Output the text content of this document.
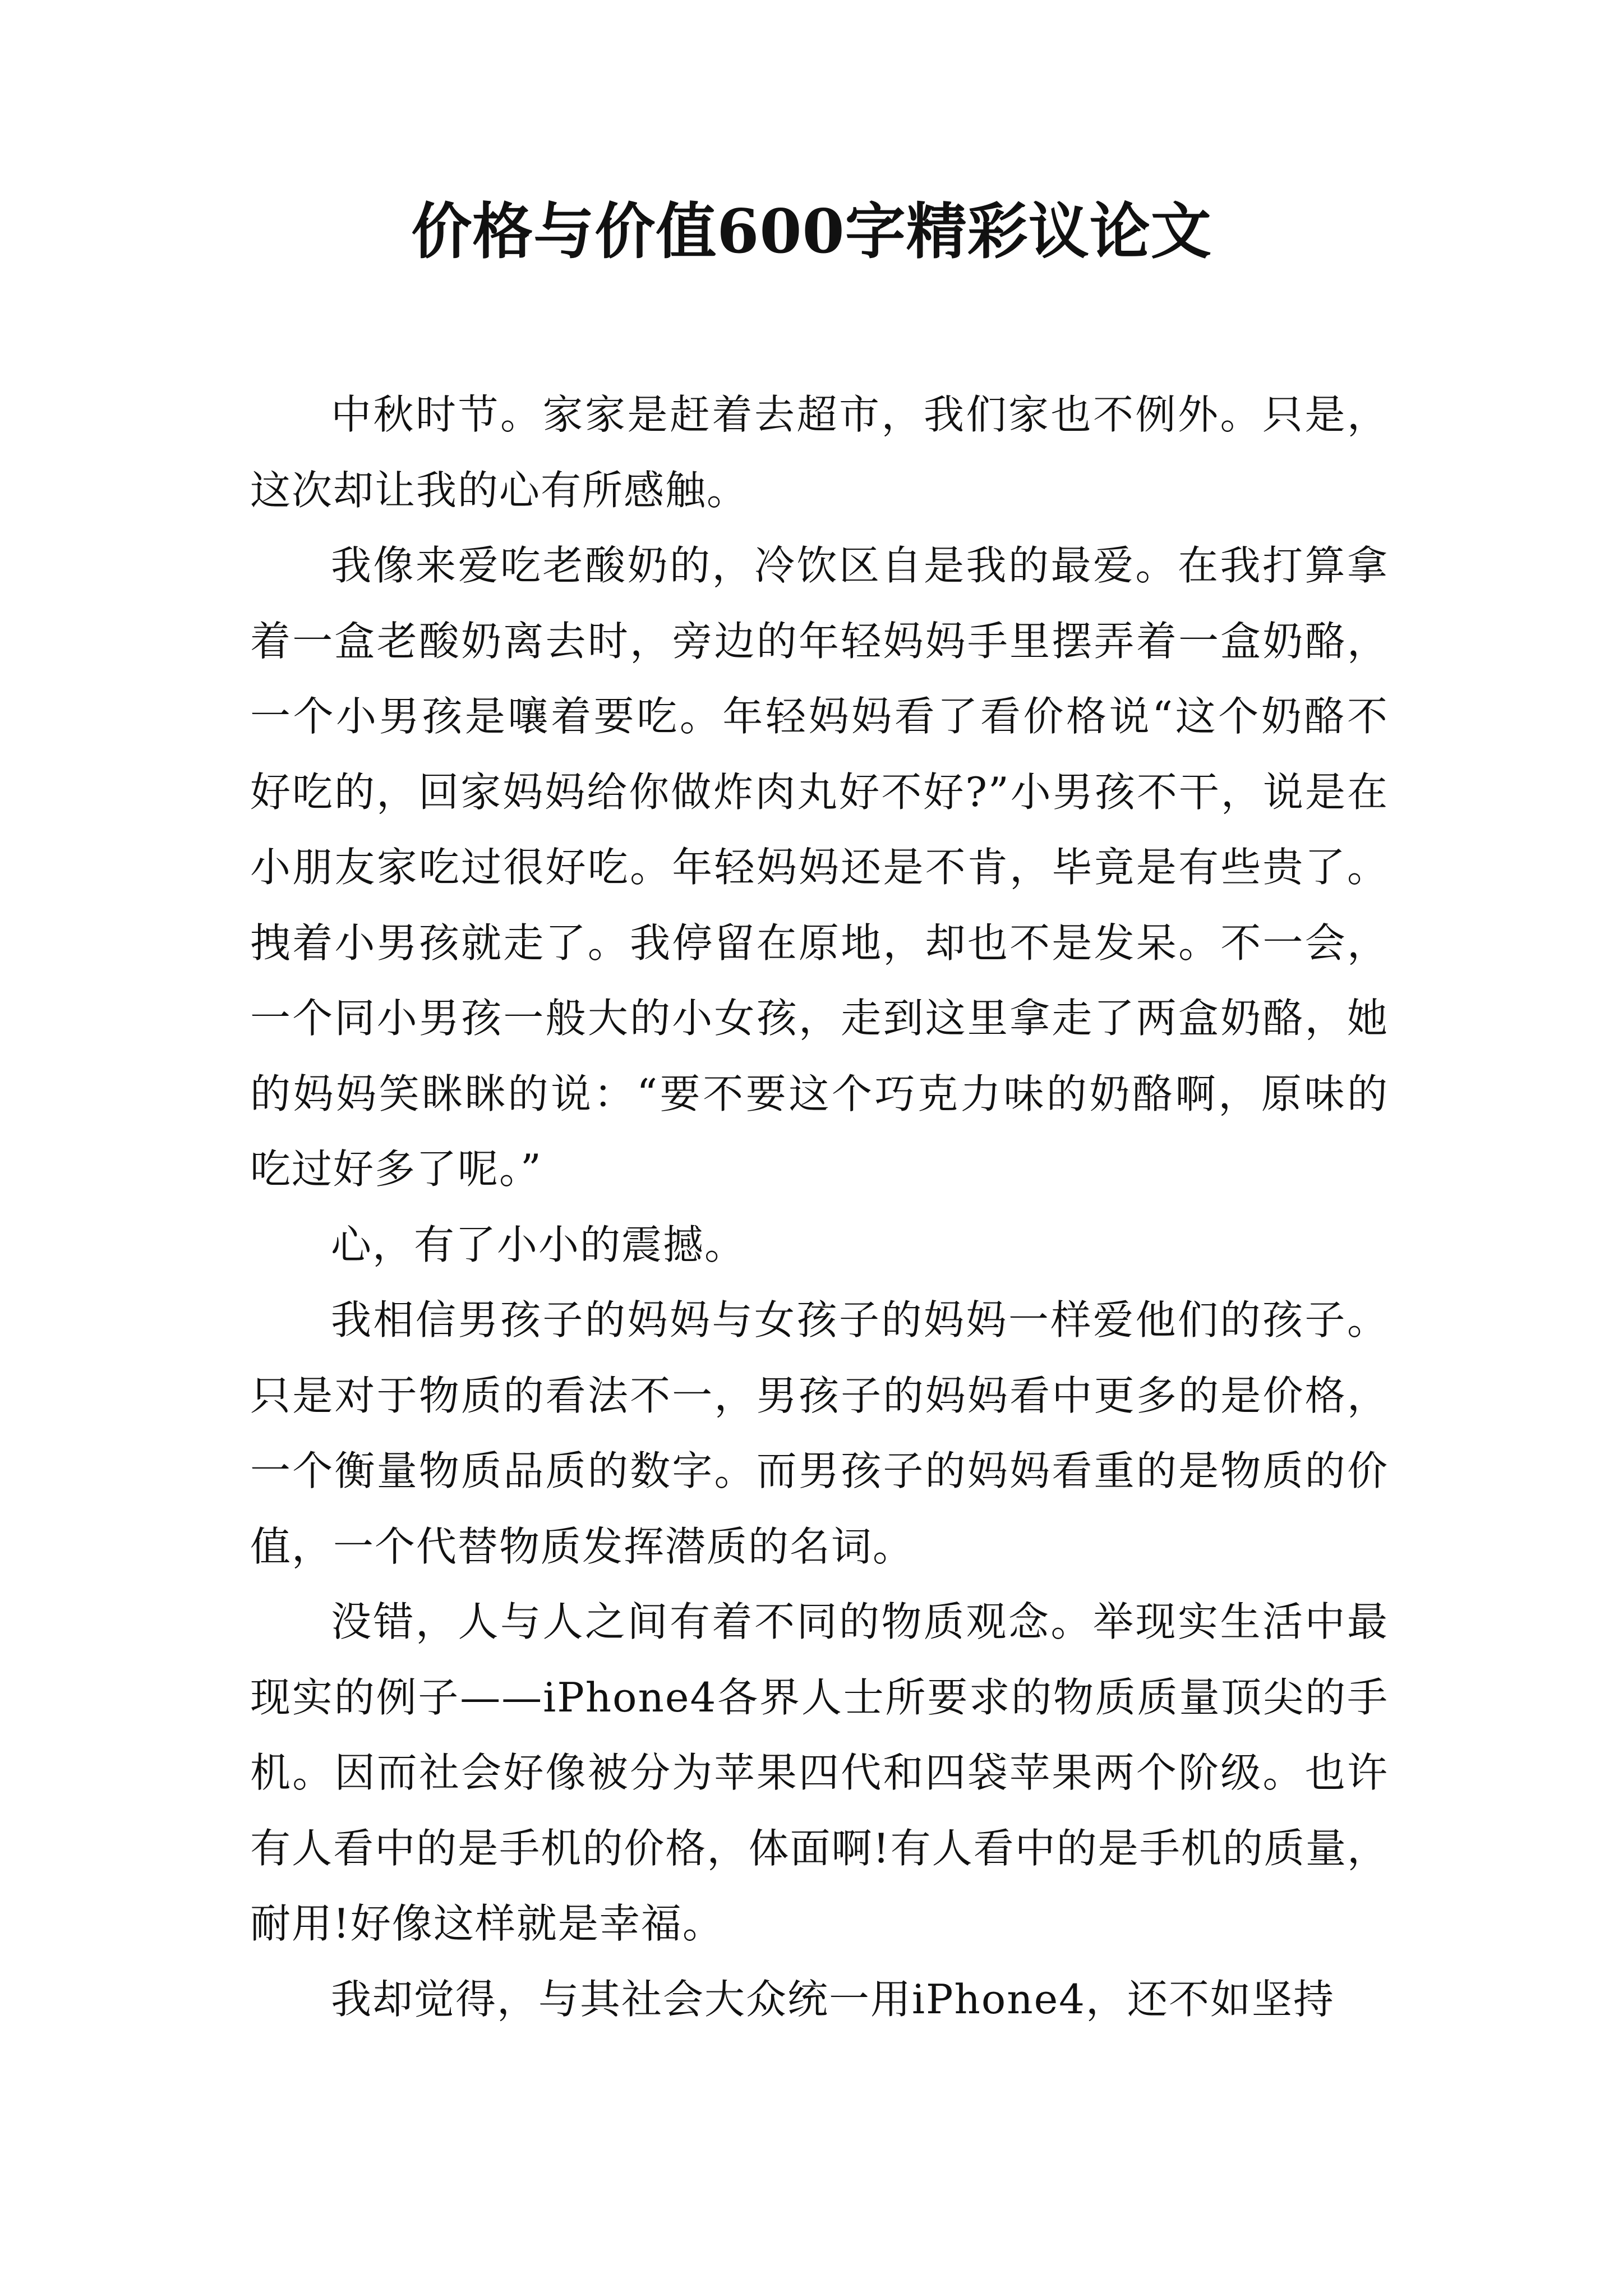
价格与价值600字精彩议论文

中秋时节。家家是赶着去超市，我们家也不例外。只是，这次却让我的心有所感触。

我像来爱吃老酸奶的，冷饮区自是我的最爱。在我打算拿着一盒老酸奶离去时，旁边的年轻妈妈手里摆弄着一盒奶酪，一个小男孩是嚷着要吃。年轻妈妈看了看价格说“这个奶酪不好吃的，回家妈妈给你做炸肉丸好不好?”小男孩不干，说是在小朋友家吃过很好吃。年轻妈妈还是不肯，毕竟是有些贵了。拽着小男孩就走了。我停留在原地，却也不是发呆。不一会，一个同小男孩一般大的小女孩，走到这里拿走了两盒奶酪，她的妈妈笑眯眯的说：“要不要这个巧克力味的奶酪啊，原味的吃过好多了呢。”

心，有了小小的震撼。

我相信男孩子的妈妈与女孩子的妈妈一样爱他们的孩子。只是对于物质的看法不一，男孩子的妈妈看中更多的是价格，一个衡量物质品质的数字。而男孩子的妈妈看重的是物质的价值，一个代替物质发挥潜质的名词。

没错，人与人之间有着不同的物质观念。举现实生活中最现实的例子——iPhone4各界人士所要求的物质质量顶尖的手机。因而社会好像被分为苹果四代和四袋苹果两个阶级。也许有人看中的是手机的价格，体面啊!有人看中的是手机的质量，耐用!好像这样就是幸福。

我却觉得，与其社会大众统一用iPhone4，还不如坚持
